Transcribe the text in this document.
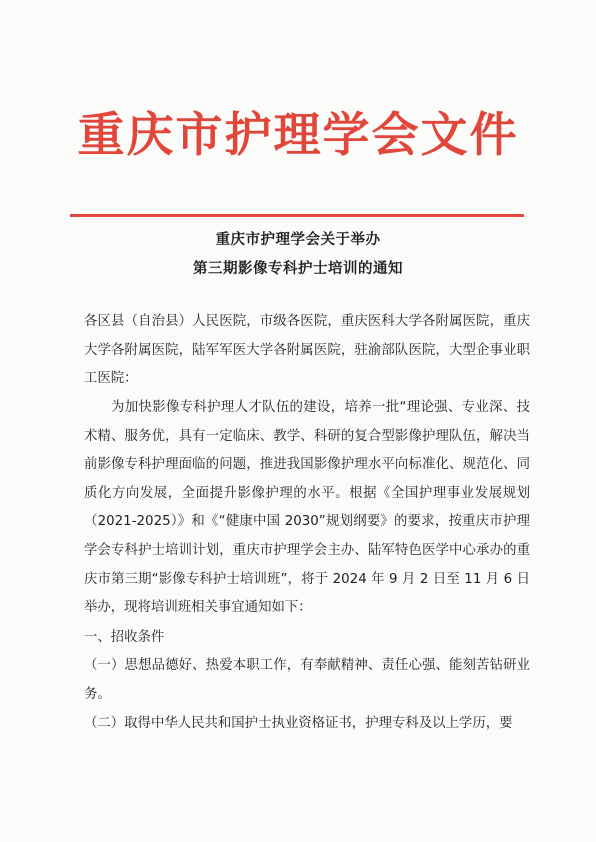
重庆市护理学会文件
重庆市护理学会关于举办
第三期影像专科护士培训的通知
各区县（自治县）人民医院，市级各医院，重庆医科大学各附属医院，重庆大学各附属医院，陆军军医大学各附属医院，驻渝部队医院，大型企事业职工医院：
为加快影像专科护理人才队伍的建设，培养一批“理论强、专业深、技术精、服务优，具有一定临床、教学、科研的复合型影像护理队伍，解决当前影像专科护理面临的问题，推进我国影像护理水平向标准化、规范化、同质化方向发展，全面提升影像护理的水平。根据《全国护理事业发展规划（2021-2025）》和《“健康中国 2030”规划纲要》的要求，按重庆市护理学会专科护士培训计划，重庆市护理学会主办、陆军特色医学中心承办的重庆市第三期“影像专科护士培训班”，将于 2024 年 9 月 2 日至 11 月 6 日举办，现将培训班相关事宜通知如下：
一、招收条件
（一）思想品德好、热爱本职工作，有奉献精神、责任心强、能刻苦钻研业务。
（二）取得中华人民共和国护士执业资格证书，护理专科及以上学历，要
